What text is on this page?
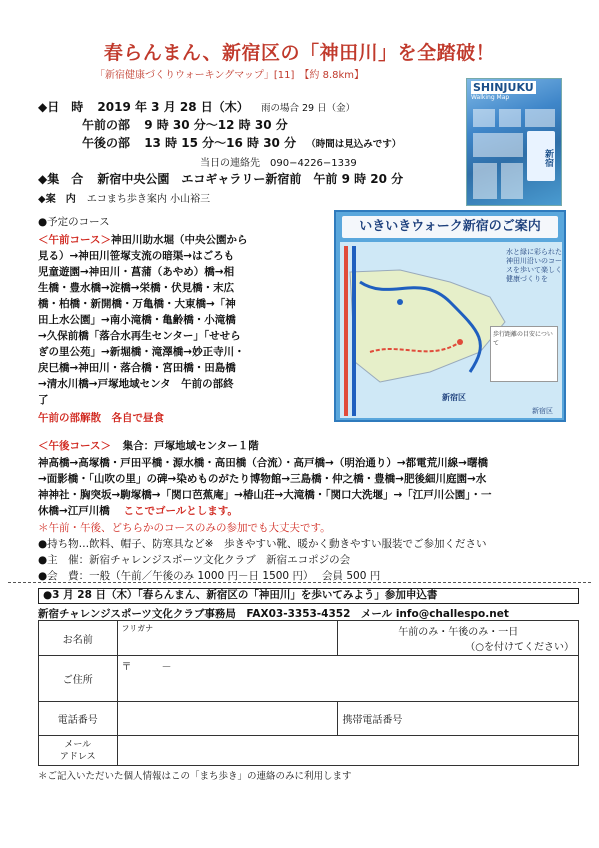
春らんまん、新宿区の「神田川」を全踏破！
「新宿健康づくりウォーキングマップ」[11]　【約 8.8km】
◆日　時 2019 年 3 月 28 日（木） 雨の場合 29 日（金）
午前の部 9 時 30 分〜12 時 30 分
午後の部 13 時 15 分〜16 時 30 分 （時間は見込みです）
当日の連絡先　090−4226−1339
◆集　合 新宿中央公園　エコギャラリー新宿前　午前 9 時 20 分
◆案　内 エコまち歩き案内 小山裕三
SHINJUKU
Walking Map
新宿
いきいきウォーク新宿のご案内
水と緑に彩られた神田川沿いのコースを歩いて楽しく健康づくりを
歩行距離の目安について
新宿区
新宿区
●予定のコース
＜午前コース＞神田川助水堀（中央公園から
見る）→神田川笹塚支流の暗渠→はごろも
児童遊園→神田川・菖蒲（あやめ）橋→相
生橋・豊水橋→淀橋→栄橋・伏見橋・末広
橋・柏橋・新開橋・万亀橋・大東橋→「神
田上水公園」→南小滝橋・亀齢橋・小滝橋
→久保前橋「落合水再生センター」「せせら
ぎの里公苑」→新堀橋・滝澤橋→妙正寺川・
戻巳橋→神田川・落合橋・宮田橋・田島橋
→清水川橋→戸塚地域センタ　午前の部終
了
午前の部解散　各自で昼食
＜午後コース＞ 集合：戸塚地域センター１階
神高橋→高塚橋・戸田平橋・源水橋・高田橋（合流）・高戸橋→（明治通り）→都電荒川線→曙橋
→面影橋・「山吹の里」の碑→染めものがたり博物館→三島橋・仲之橋・豊橋→肥後細川庭園→水
神神社・胸突坂→駒塚橋→「関口芭蕉庵」→椿山荘→大滝橋・「関口大洗堰」→「江戸川公園」・一
休橋→江戸川橋 ここでゴールとします。
＊午前・午後、どちらかのコースのみの参加でも大丈夫です。
●持ち物…飲料、帽子、防寒具など※　歩きやすい靴、暖かく動きやすい服装でご参加ください
●主　催：新宿チャレンジスポーツ文化クラブ　新宿エコポジの会
●会　費：一般（午前／午後のみ 1000 円－日 1500 円）　 会員 500 円
●3 月 28 日（木）「春らんまん、新宿区の「神田川」を歩いてみよう」参加申込書
新宿チャレンジスポーツ文化クラブ事務局　FAX03-3353-4352　メール info@challespo.net
お名前	フリガナ	午前のみ・午後のみ・一日
（○を付けてください）

ご住所	〒　　　－	
電話番号		携帯電話番号
メール
アドレス		
＊ご記入いただいた個人情報はこの「まち歩き」の連絡のみに利用します
